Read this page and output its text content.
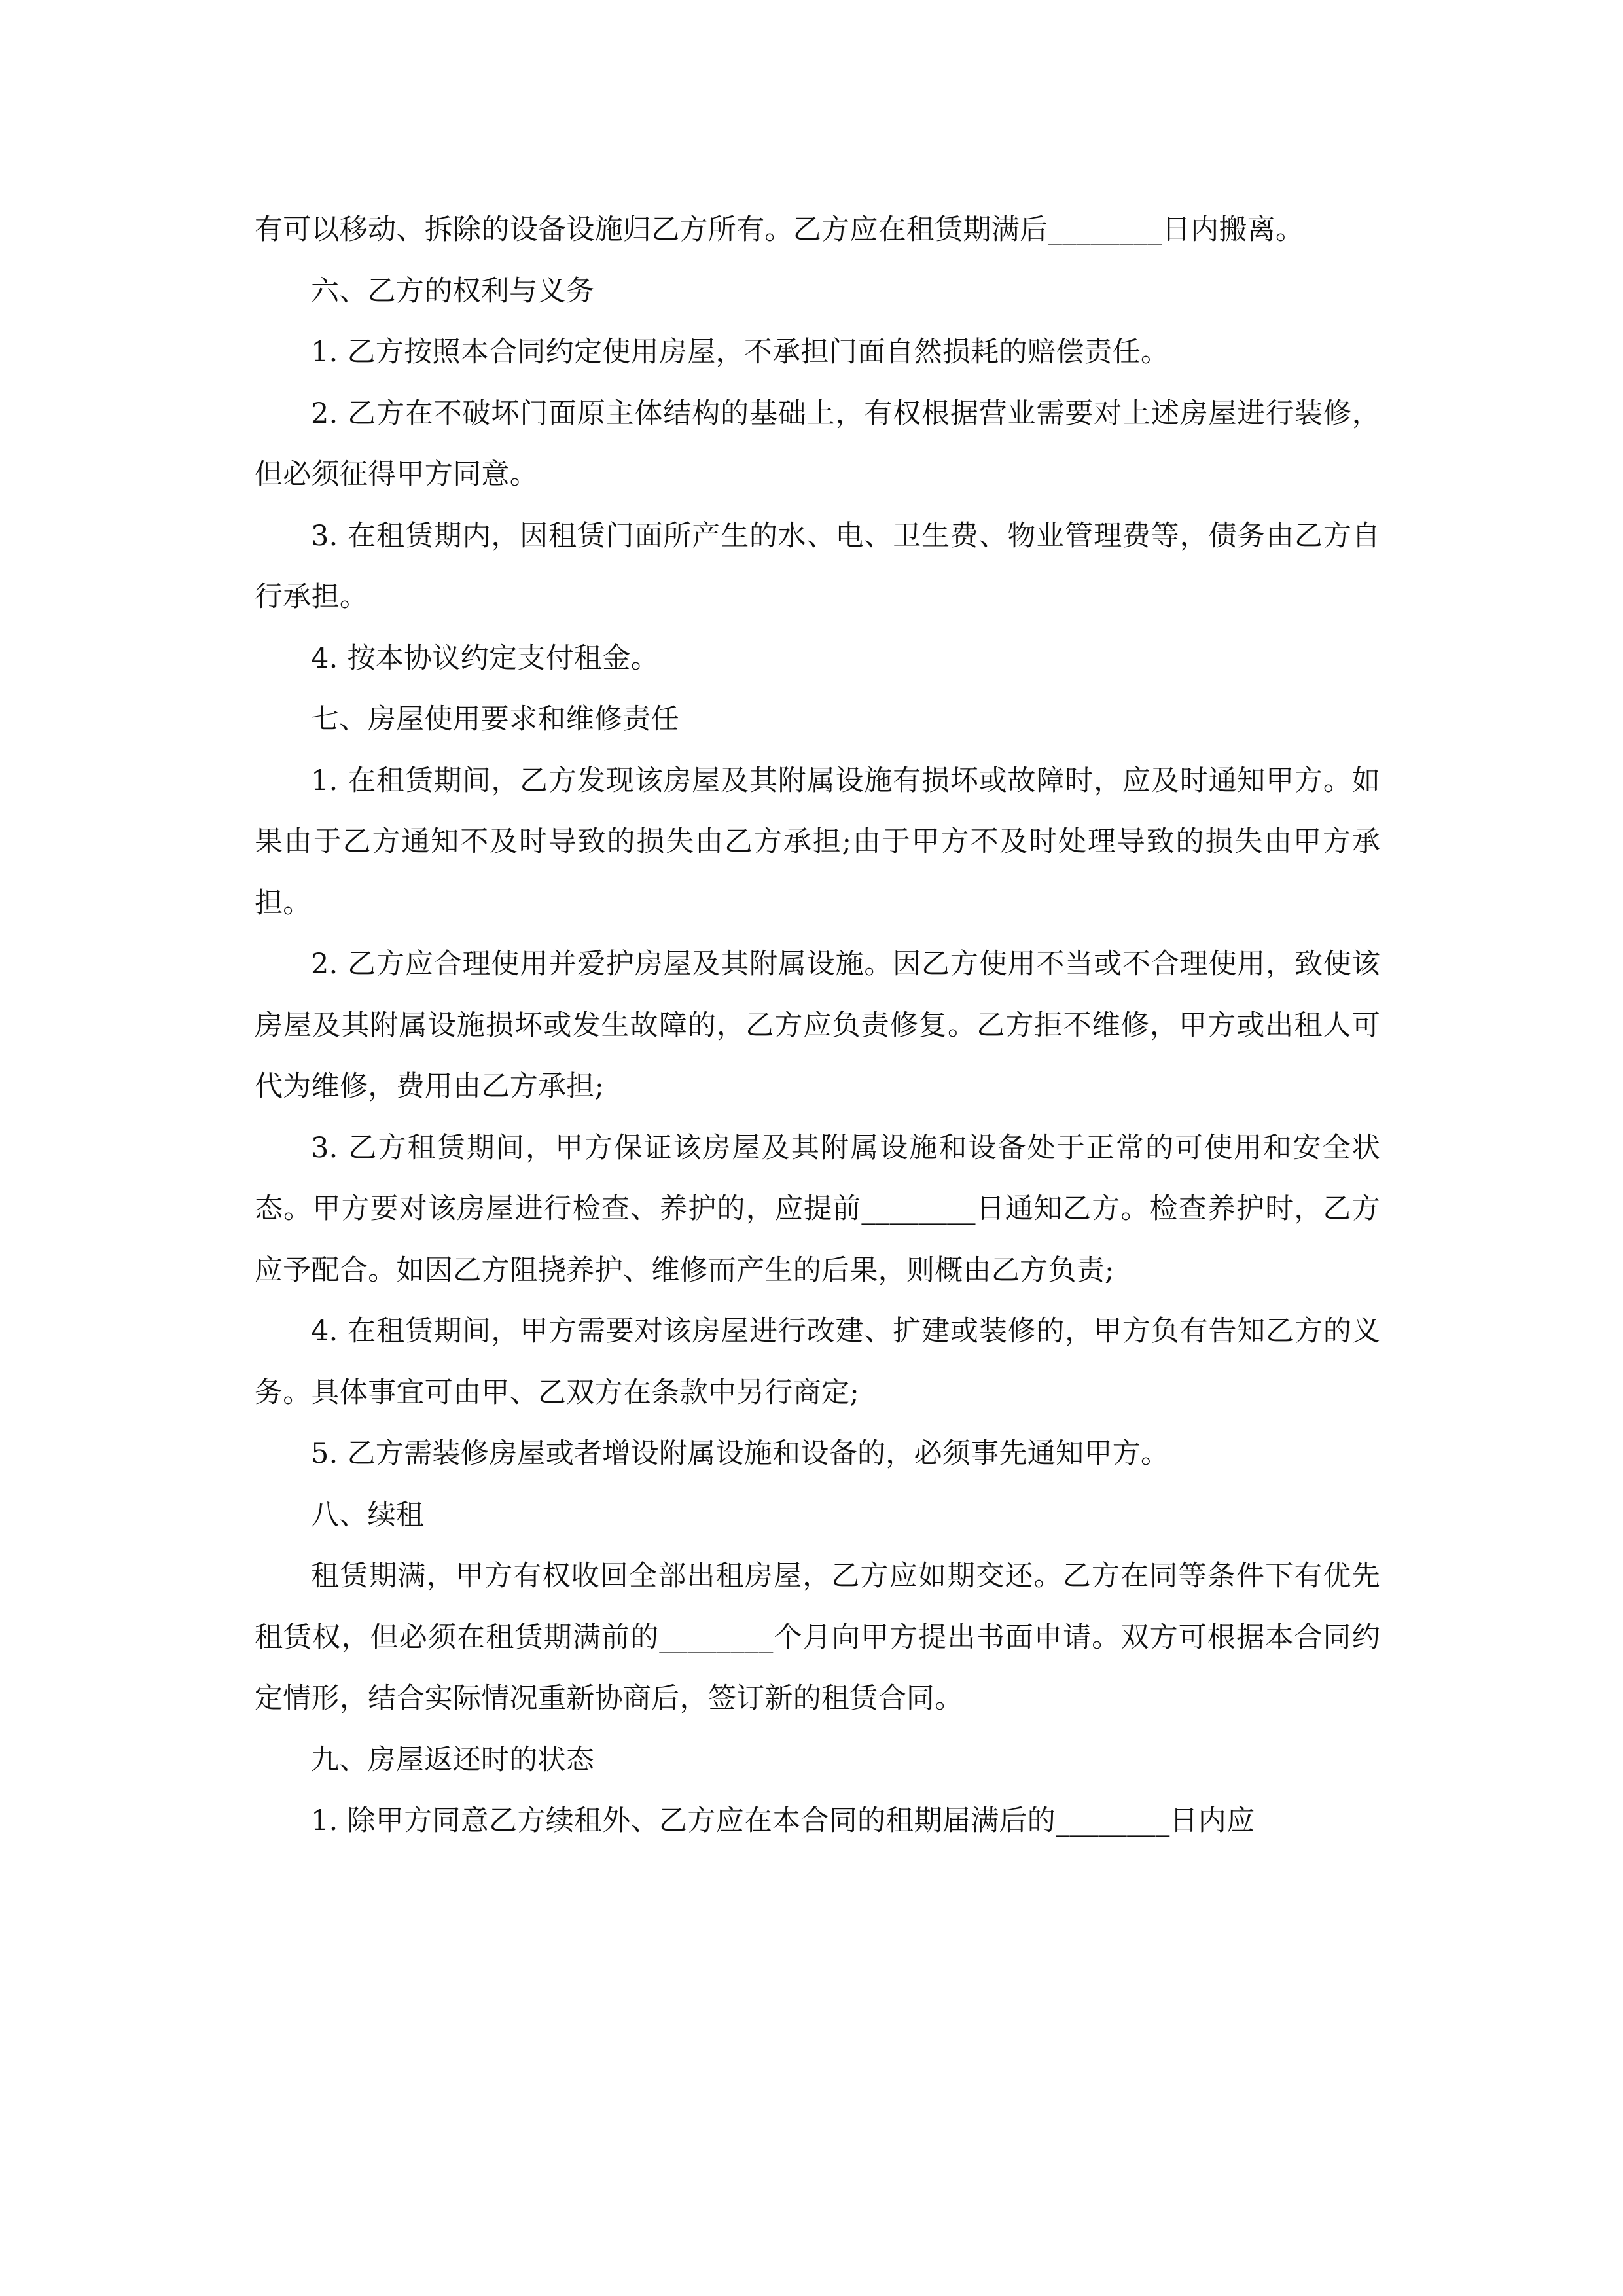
有可以移动、拆除的设备设施归乙方所有。乙方应在租赁期满后________日内搬离。

六、乙方的权利与义务

1. 乙方按照本合同约定使用房屋，不承担门面自然损耗的赔偿责任。

2. 乙方在不破坏门面原主体结构的基础上，有权根据营业需要对上述房屋进行装修，但必须征得甲方同意。

3. 在租赁期内，因租赁门面所产生的水、电、卫生费、物业管理费等，债务由乙方自行承担。

4. 按本协议约定支付租金。

七、房屋使用要求和维修责任

1. 在租赁期间，乙方发现该房屋及其附属设施有损坏或故障时，应及时通知甲方。如果由于乙方通知不及时导致的损失由乙方承担;由于甲方不及时处理导致的损失由甲方承担。

2. 乙方应合理使用并爱护房屋及其附属设施。因乙方使用不当或不合理使用，致使该房屋及其附属设施损坏或发生故障的，乙方应负责修复。乙方拒不维修，甲方或出租人可代为维修，费用由乙方承担;

3. 乙方租赁期间，甲方保证该房屋及其附属设施和设备处于正常的可使用和安全状态。甲方要对该房屋进行检查、养护的，应提前________日通知乙方。检查养护时，乙方应予配合。如因乙方阻挠养护、维修而产生的后果，则概由乙方负责;

4. 在租赁期间，甲方需要对该房屋进行改建、扩建或装修的，甲方负有告知乙方的义务。具体事宜可由甲、乙双方在条款中另行商定;

5. 乙方需装修房屋或者增设附属设施和设备的，必须事先通知甲方。

八、续租

租赁期满，甲方有权收回全部出租房屋，乙方应如期交还。乙方在同等条件下有优先租赁权，但必须在租赁期满前的________个月向甲方提出书面申请。双方可根据本合同约定情形，结合实际情况重新协商后，签订新的租赁合同。

九、房屋返还时的状态

1. 除甲方同意乙方续租外、乙方应在本合同的租期届满后的________日内应
